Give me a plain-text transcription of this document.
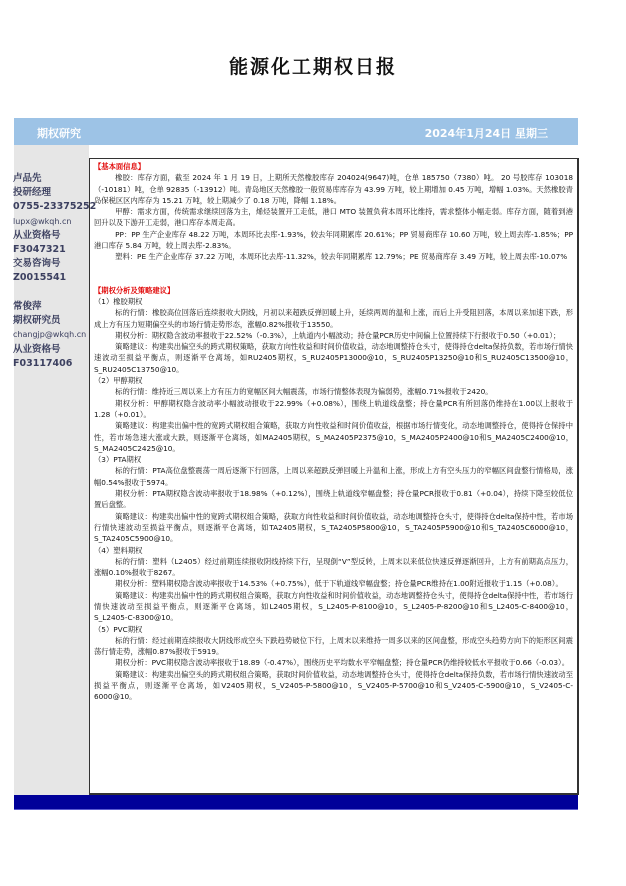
能源化工期权日报
期权研究	2024年1月24日 星期三
卢品先
投研经理
0755-23375252
lupx@wkqh.cn
从业资格号
F3047321
交易咨询号
Z0015541
常俊萍
期权研究员
changjp@wkqh.cn
从业资格号
F03117406
【基本面信息】
橡胶：库存方面，截至 2024 年 1 月 19 日，上期所天然橡胶库存 204024(9647)吨，仓单 185750（7380）吨。 20 号胶库存 103018（-10181）吨，仓单 92835（-13912）吨。青岛地区天然橡胶一般贸易库库存为 43.99 万吨，较上期增加 0.45 万吨，增幅 1.03%。天然橡胶青岛保税区区内库存为 15.21 万吨，较上期减少了 0.18 万吨，降幅 1.18%。
甲醇：需求方面，传统需求继续回落为主，烯烃装置开工走低，港口 MTO 装置负荷本周环比维持，需求整体小幅走弱。库存方面，随着到港回升以及下游开工走弱，港口库存本周走高。
PP：PP 生产企业库存 48.22 万吨，本周环比去库-1.93%，较去年同期累库 20.61%；PP 贸易商库存 10.60 万吨，较上周去库-1.85%；PP 港口库存 5.84 万吨，较上周去库-2.83%。
塑料：PE 生产企业库存 37.22 万吨，本周环比去库-11.32%，较去年同期累库 12.79%；PE 贸易商库存 3.49 万吨，较上周去库-10.07%
【期权分析及策略建议】
（1）橡胶期权
标的行情：橡胶高位回落后连续报收大阴线，月初以来超跌反弹回暖上升，延续两周的温和上涨，而后上升受阻回落，本周以来加速下跌，形成上方有压力短期偏空头的市场行情走势形态，涨幅0.82%报收于13550。
期权分析：期权隐含波动率报收于22.52%（-0.3%），上轨道内小幅波动；持仓量PCR历史中间偏上位置持续下行报收于0.50（+0.01）；
策略建议：构建卖出偏空头的跨式期权策略，获取方向性收益和时间价值收益，动态地调整持仓头寸，使得持仓delta保持负数，若市场行情快速波动至损益平衡点，则逐渐平仓离场，如RU2405期权，S_RU2405P13000@10，S_RU2405P13250@10和S_RU2405C13500@10，S_RU2405C13750@10。
（2）甲醇期权
标的行情：维持近三周以来上方有压力的宽幅区间大幅震荡，市场行情整体表现为偏弱势，涨幅0.71%报收于2420。
期权分析：甲醇期权隐含波动率小幅波动报收于22.99%（+0.08%），围绕上轨道线盘整；持仓量PCR有所回落仍维持在1.00以上报收于1.28（+0.01）。
策略建议：构建卖出偏中性的宽跨式期权组合策略，获取方向性收益和时间价值收益，根据市场行情变化，动态地调整持仓，使得持仓保持中性，若市场急速大涨或大跌，则逐渐平仓离场，如MA2405期权，S_MA2405P2375@10，S_MA2405P2400@10和S_MA2405C2400@10，S_MA2405C2425@10。
（3）PTA期权
标的行情：PTA高位盘整震荡一周后逐渐下行回落，上周以来超跌反弹回暖上升温和上涨，形成上方有空头压力的窄幅区间盘整行情格局，涨幅0.54%报收于5974。
期权分析：PTA期权隐含波动率报收于18.98%（+0.12%），围绕上轨道线窄幅盘整；持仓量PCR报收于0.81（+0.04），持续下降至较低位置后盘整。
策略建议：构建卖出偏中性的宽跨式期权组合策略，获取方向性收益和时间价值收益，动态地调整持仓头寸，使得持仓delta保持中性，若市场行情快速波动至损益平衡点，则逐渐平仓离场，如TA2405期权，S_TA2405P5800@10，S_TA2405P5900@10和S_TA2405C6000@10，S_TA2405C5900@10。
（4）塑料期权
标的行情：塑料（L2405）经过前期连续报收阴线持续下行，呈现倒“V”型反转，上周末以来低位快速反弹逐渐回升，上方有前期高点压力，涨幅0.10%报收于8267。
期权分析：塑料期权隐含波动率报收于14.53%（+0.75%），低于下轨道线窄幅盘整；持仓量PCR维持在1.00附近报收于1.15（+0.08）。
策略建议：构建卖出偏中性的跨式期权组合策略，获取方向性收益和时间价值收益，动态地调整持仓头寸，使得持仓delta保持中性，若市场行情快速波动至损益平衡点，则逐渐平仓离场，如L2405期权，S_L2405-P-8100@10，S_L2405-P-8200@10和S_L2405-C-8400@10，S_L2405-C-8300@10。
（5）PVC期权
标的行情：经过前期连续报收大阴线形成空头下跌趋势破位下行，上周末以来维持一周多以来的区间盘整，形成空头趋势方向下的矩形区间震荡行情走势，涨幅0.87%报收于5919。
期权分析：PVC期权隐含波动率报收于18.89（-0.47%），围绕历史平均数水平窄幅盘整；持仓量PCR仍维持较低水平报收于0.66（-0.03）。
策略建议：构建卖出偏空头的跨式期权组合策略，获取时间价值收益，动态地调整持仓头寸，使得持仓delta保持负数，若市场行情快速波动至损益平衡点，则逐渐平仓离场，如V2405期权，S_V2405-P-5800@10，S_V2405-P-5700@10和S_V2405-C-5900@10，S_V2405-C-6000@10。
